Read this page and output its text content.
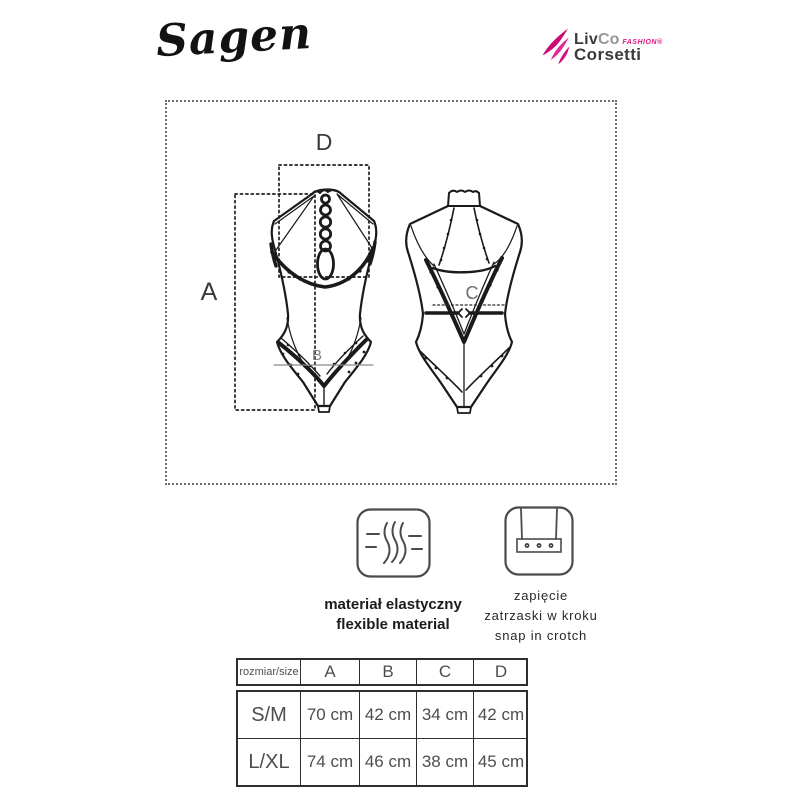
Sagen	Liv Co FASHION®
Corsetti
A
D
B
C
materiał elastyczny
flexible material
zapięcie
zatrzaski w kroku
snap in crotch
rozmiar/size	A	B	C	D
S/M	70 cm 42 cm 34 cm 42 cm
L/XL	74 cm 46 cm 38 cm 45 cm
